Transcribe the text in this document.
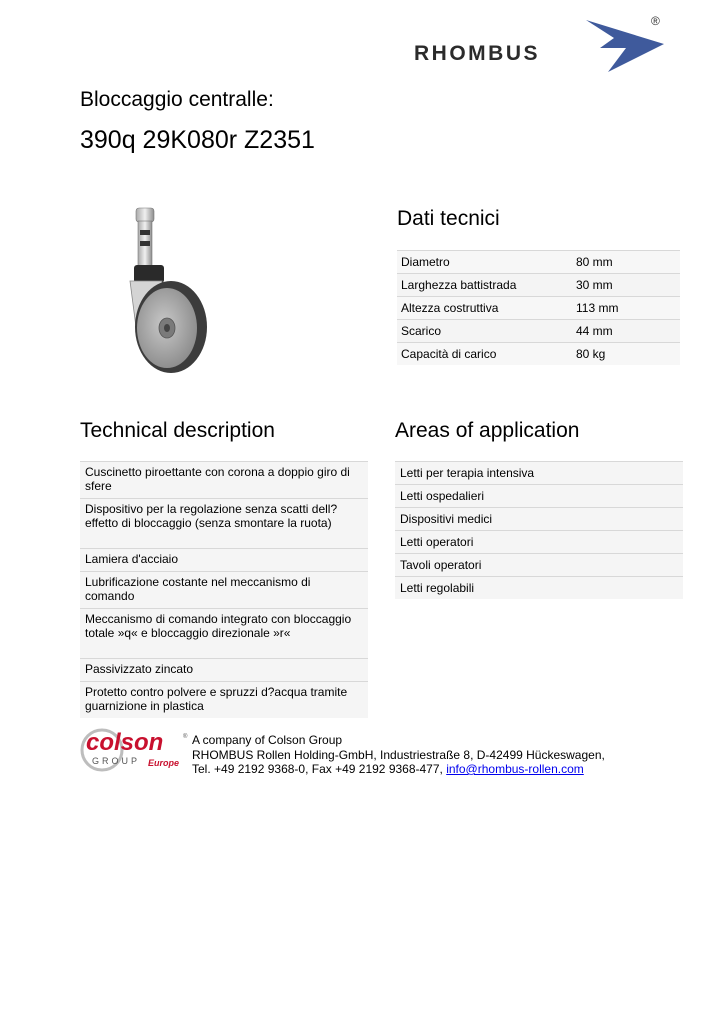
RHOMBUS
®
Bloccaggio centralle:
390q 29K080r Z2351
Dati tecnici
Diametro	80 mm
Larghezza battistrada	30 mm
Altezza costruttiva	113 mm
Scarico	44 mm
Capacità di carico	80 kg
Technical description
Cuscinetto piroettante con corona a doppio giro di sfere
Dispositivo per la regolazione senza scatti dell?effetto di bloccaggio (senza smontare la ruota)
Lamiera d'acciaio
Lubrificazione costante nel meccanismo di comando
Meccanismo di comando integrato con bloccaggio totale »q« e bloccaggio direzionale »r«
Passivizzato zincato
Protetto contro polvere e spruzzi d?acqua tramite guarnizione in plastica
Areas of application
Letti per terapia intensiva
Letti ospedalieri
Dispositivi medici
Letti operatori
Tavoli operatori
Letti regolabili
colson
GROUP Europe
® A company of Colson Group
RHOMBUS Rollen Holding-GmbH, Industriestraße 8, D-42499 Hückeswagen,
Tel. +49 2192 9368-0, Fax +49 2192 9368-477, info@rhombus-rollen.com
